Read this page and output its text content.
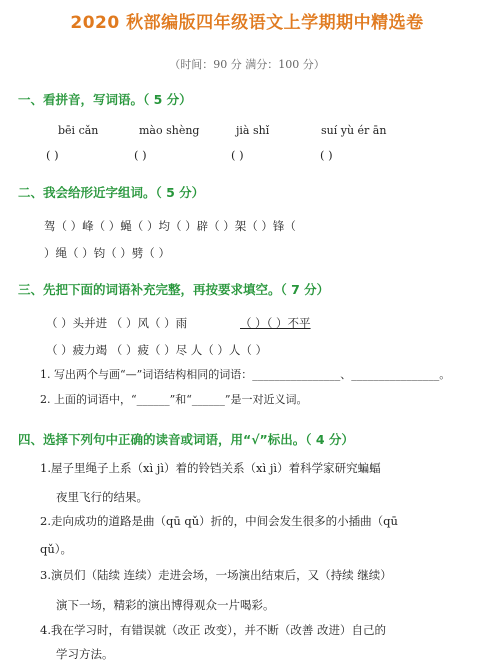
2020 秋部编版四年级语文上学期期中精选卷
（时间：90 分 满分：100 分）
一、看拼音，写词语。（ 5 分）
bēi cǎn	mào shèng	jià shǐ	suí yù ér ān
( )	( )	( )	( )
二、我会给形近字组词。（ 5 分）
驾（ ）峰（ ）蝇（ ）均（ ）辟（ ）架（ ）锋（
）绳（ ）钧（ ）劈（ ）
三、先把下面的词语补充完整，再按要求填空。（ 7 分）
（ ）头并进 （ ）风（ ）雨	（ ）（ ）不平
（ ）疲力竭 （ ）疲（ ）尽 人（ ）人（ ）
1. 写出两个与画“—”词语结构相同的词语：________________、________________。
2. 上面的词语中，“______”和“______”是一对近义词。
四、选择下列句中正确的读音或词语，用“√”标出。（ 4 分）
1.屋子里绳子上系（xì jì）着的铃铛关系（xì jì）着科学家研究蝙蝠
夜里飞行的结果。
2.走向成功的道路是曲（qū qǔ）折的，中间会发生很多的小插曲（qū
qǔ）。
3.演员们（陆续 连续）走进会场，一场演出结束后，又（持续 继续）
演下一场，精彩的演出博得观众一片喝彩。
4.我在学习时，有错误就（改正 改变），并不断（改善 改进）自己的
学习方法。
